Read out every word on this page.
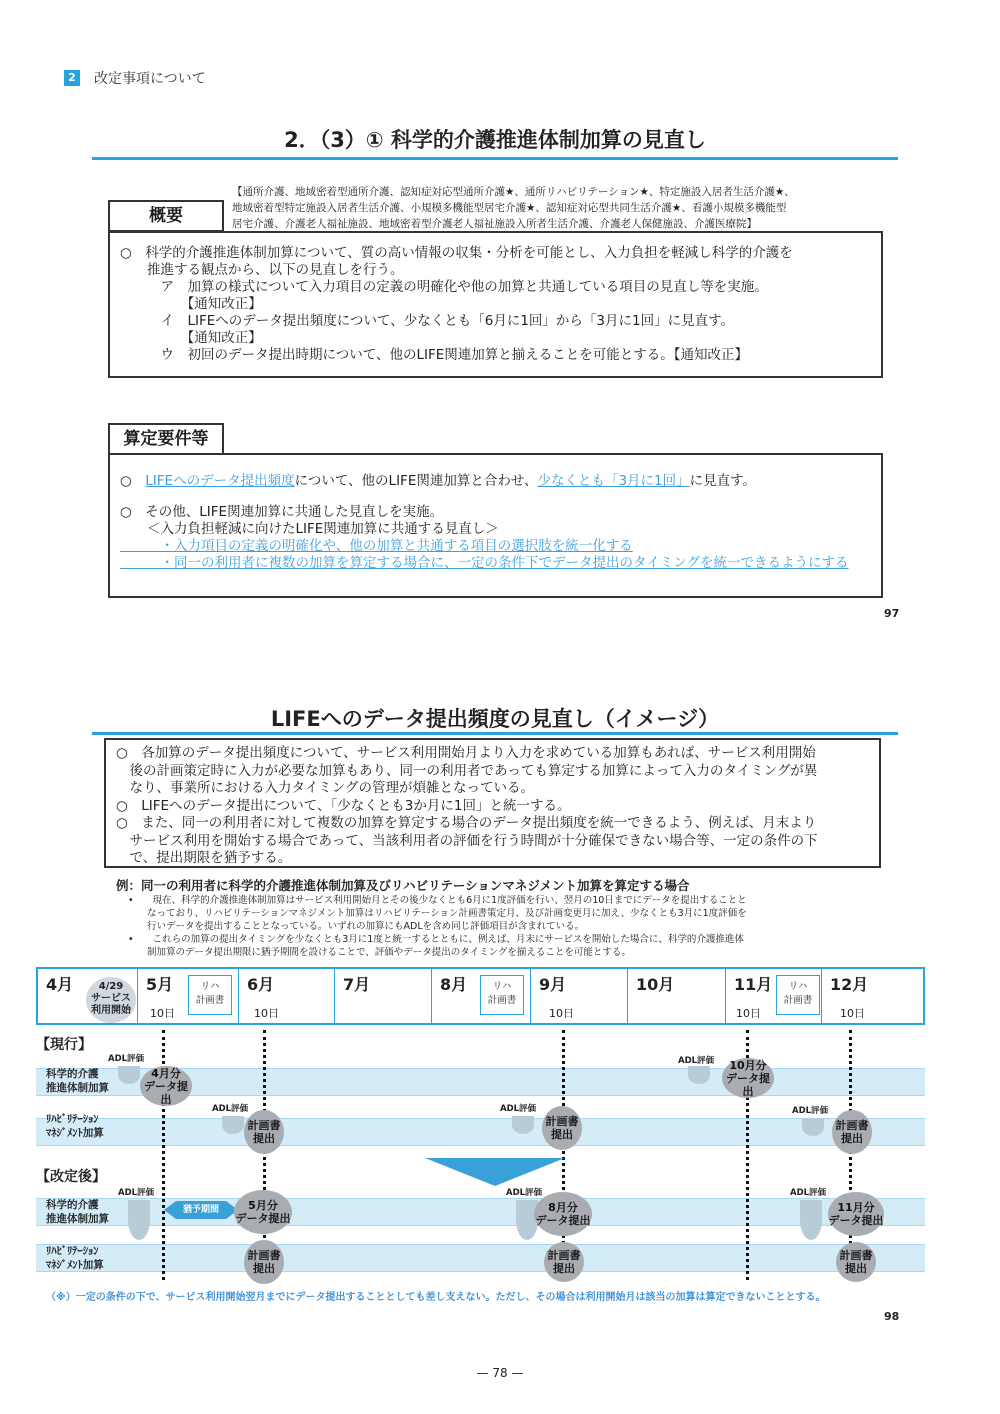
2 改定事項について
2．（3）① 科学的介護推進体制加算の見直し
【通所介護、地域密着型通所介護、認知症対応型通所介護★、通所リハビリテーション★、特定施設入居者生活介護★、
地域密着型特定施設入居者生活介護、小規模多機能型居宅介護★、認知症対応型共同生活介護★、看護小規模多機能型
居宅介護、介護老人福祉施設、地域密着型介護老人福祉施設入所者生活介護、介護老人保健施設、介護医療院】
概要
○　科学的介護推進体制加算について、質の高い情報の収集・分析を可能とし、入力負担を軽減し科学的介護を
　　推進する観点から、以下の見直しを行う。
　　　ア　加算の様式について入力項目の定義の明確化や他の加算と共通している項目の見直し等を実施。
　　　　　【通知改正】
　　　イ　LIFEへのデータ提出頻度について、少なくとも「6月に1回」から「3月に1回」に見直す。
　　　　　【通知改正】
　　　ウ　初回のデータ提出時期について、他のLIFE関連加算と揃えることを可能とする。【通知改正】
算定要件等
○　LIFEへのデータ提出頻度について、他のLIFE関連加算と合わせ、少なくとも「3月に1回」に見直す。
○　その他、LIFE関連加算に共通した見直しを実施。
　　＜入力負担軽減に向けたLIFE関連加算に共通する見直し＞
　　　・入力項目の定義の明確化や、他の加算と共通する項目の選択肢を統一化する
　　　・同一の利用者に複数の加算を算定する場合に、一定の条件下でデータ提出のタイミングを統一できるようにする
97
LIFEへのデータ提出頻度の見直し（イメージ）
○　各加算のデータ提出頻度について、サービス利用開始月より入力を求めている加算もあれば、サービス利用開始
　後の計画策定時に入力が必要な加算もあり、同一の利用者であっても算定する加算によって入力のタイミングが異
　なり、事業所における入力タイミングの管理が煩雑となっている。
○　LIFEへのデータ提出について、「少なくとも3か月に1回」と統一する。
○　また、同一の利用者に対して複数の加算を算定する場合のデータ提出頻度を統一できるよう、例えば、月末より
　サービス利用を開始する場合であって、当該利用者の評価を行う時間が十分確保できない場合等、一定の条件の下
　で、提出期限を猶予する。
例：同一の利用者に科学的介護推進体制加算及びリハビリテーションマネジメント加算を算定する場合
•　　現在、科学的介護推進体制加算はサービス利用開始月とその後少なくとも6月に1度評価を行い、翌月の10日までにデータを提出することと
　　なっており、リハビリテーションマネジメント加算はリハビリテーション計画書策定月、及び計画変更月に加え、少なくとも3月に1度評価を
　　行いデータを提出することとなっている。いずれの加算にもADLを含め同じ評価項目が含まれている。
•　　これらの加算の提出タイミングを少なくとも3月に1度と統一するとともに、例えば、月末にサービスを開始した場合に、科学的介護推進体
　　制加算のデータ提出期限に猶予期間を設けることで、評価やデータ提出のタイミングを揃えることを可能とする。
4月	4/29
サービス
利用開始
5月
10日
リハ
計画書
6月
10日
7月	8月	リハ
計画書
9月
10日
10月	11月
10日
リハ
計画書
12月
10日
【現行】
科学的介護
推進体制加算
ﾘﾊﾋﾞﾘﾃｰｼｮﾝ
ﾏﾈｼﾞﾒﾝﾄ加算
【改定後】
科学的介護
推進体制加算
ﾘﾊﾋﾞﾘﾃｰｼｮﾝ
ﾏﾈｼﾞﾒﾝﾄ加算
ADL評価
4月分
データ提出
ADL評価	10月分
データ提出
ADL評価
計画書
提出
ADL評価
計画書
提出
ADL評価
計画書
提出
ADL評価
猶予期間	5月分
データ提出
計画書
提出
ADL評価
8月分
データ提出
計画書
提出
ADL評価
11月分
データ提出
計画書
提出
（※）一定の条件の下で、サービス利用開始翌月までにデータ提出することとしても差し支えない。ただし、その場合は利用開始月は該当の加算は算定できないこととする。
98
— 78 —
